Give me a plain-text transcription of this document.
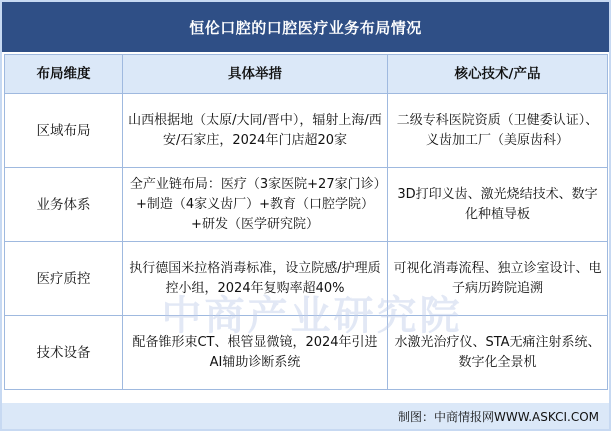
恒伦口腔的口腔医疗业务布局情况
布局维度	具体举措	核心技术/产品
区域布局	山西根据地（太原/大同/晋中），辐射上海/西安/石家庄，2024年门店超20家	二级专科医院资质（卫健委认证）、义齿加工厂（美原齿科）
业务体系	全产业链布局：医疗（3家医院+27家门诊）+制造（4家义齿厂）+教育（口腔学院）+研发（医学研究院）	3D打印义齿、激光烧结技术、数字化种植导板
医疗质控	执行德国米拉格消毒标准，设立院感/护理质控小组，2024年复购率超40%	可视化消毒流程、独立诊室设计、电子病历跨院追溯
技术设备	配备锥形束CT、根管显微镜，2024年引进AI辅助诊断系统	水激光治疗仪、STA无痛注射系统、数字化全景机
中商产业研究院
制图：中商情报网WWW.ASKCI.COM
